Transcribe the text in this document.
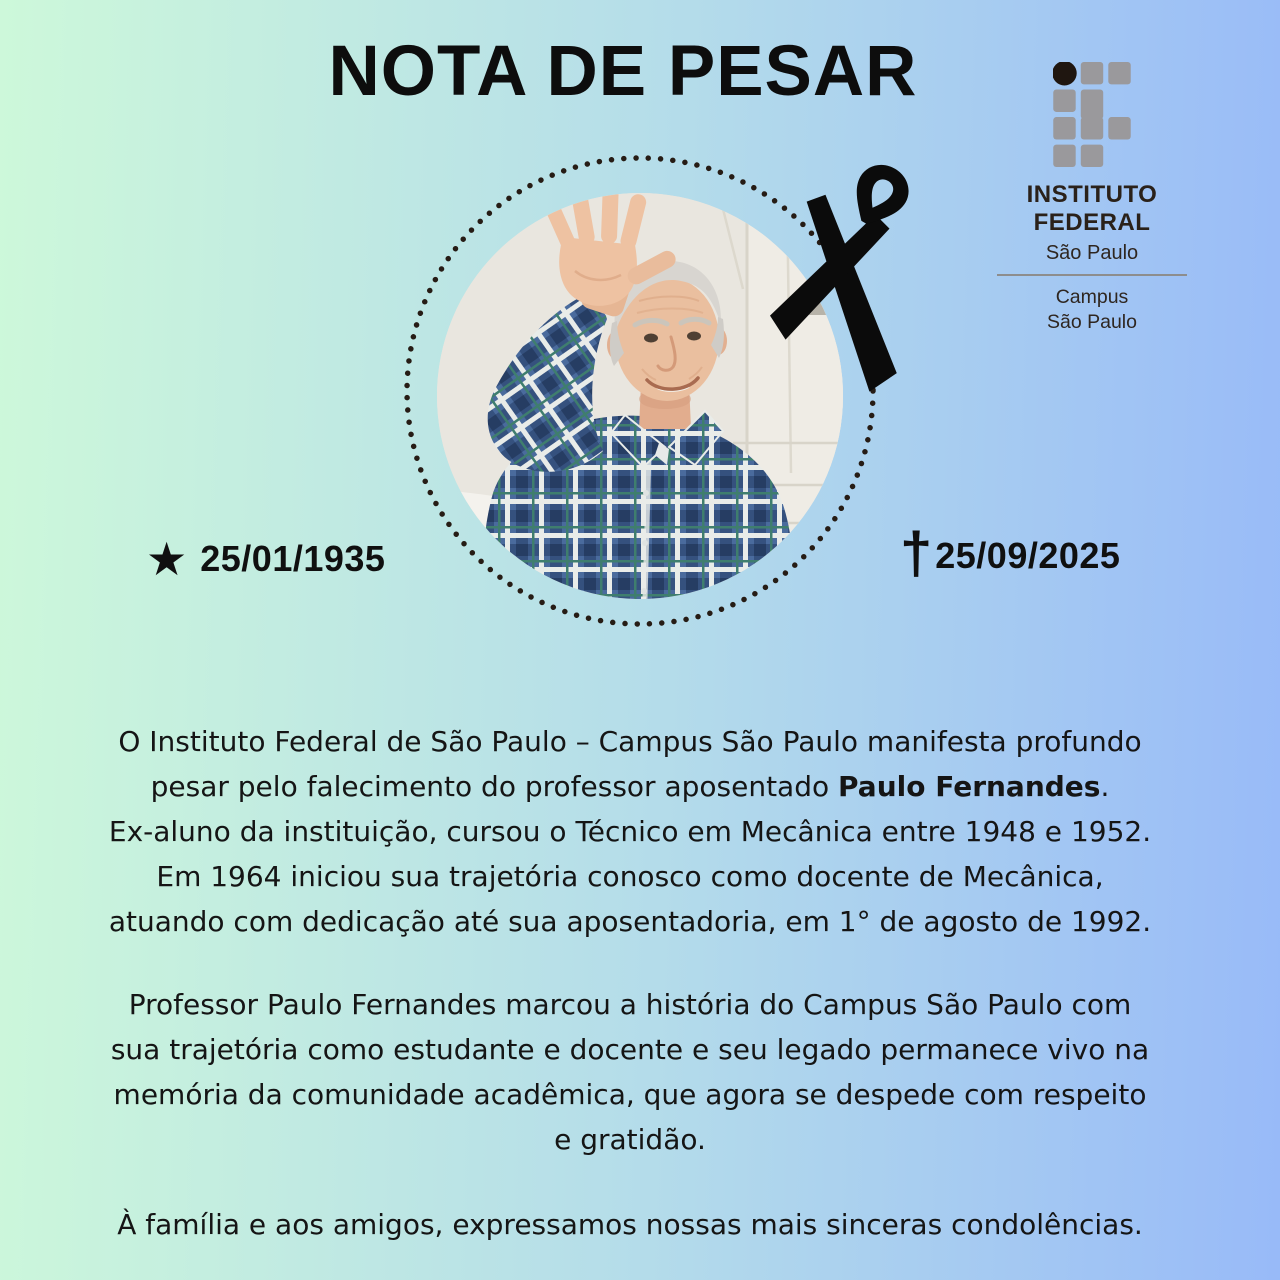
NOTA DE PESAR
INSTITUTO
FEDERAL
São Paulo
Campus
São Paulo
★ 25/01/1935	† 25/09/2025
O Instituto Federal de São Paulo – Campus São Paulo manifesta profundo
pesar pelo falecimento do professor aposentado Paulo Fernandes.
Ex-aluno da instituição, cursou o Técnico em Mecânica entre 1948 e 1952.
Em 1964 iniciou sua trajetória conosco como docente de Mecânica,
atuando com dedicação até sua aposentadoria, em 1° de agosto de 1992.
Professor Paulo Fernandes marcou a história do Campus São Paulo com
sua trajetória como estudante e docente e seu legado permanece vivo na
memória da comunidade acadêmica, que agora se despede com respeito
e gratidão.
À família e aos amigos, expressamos nossas mais sinceras condolências.
